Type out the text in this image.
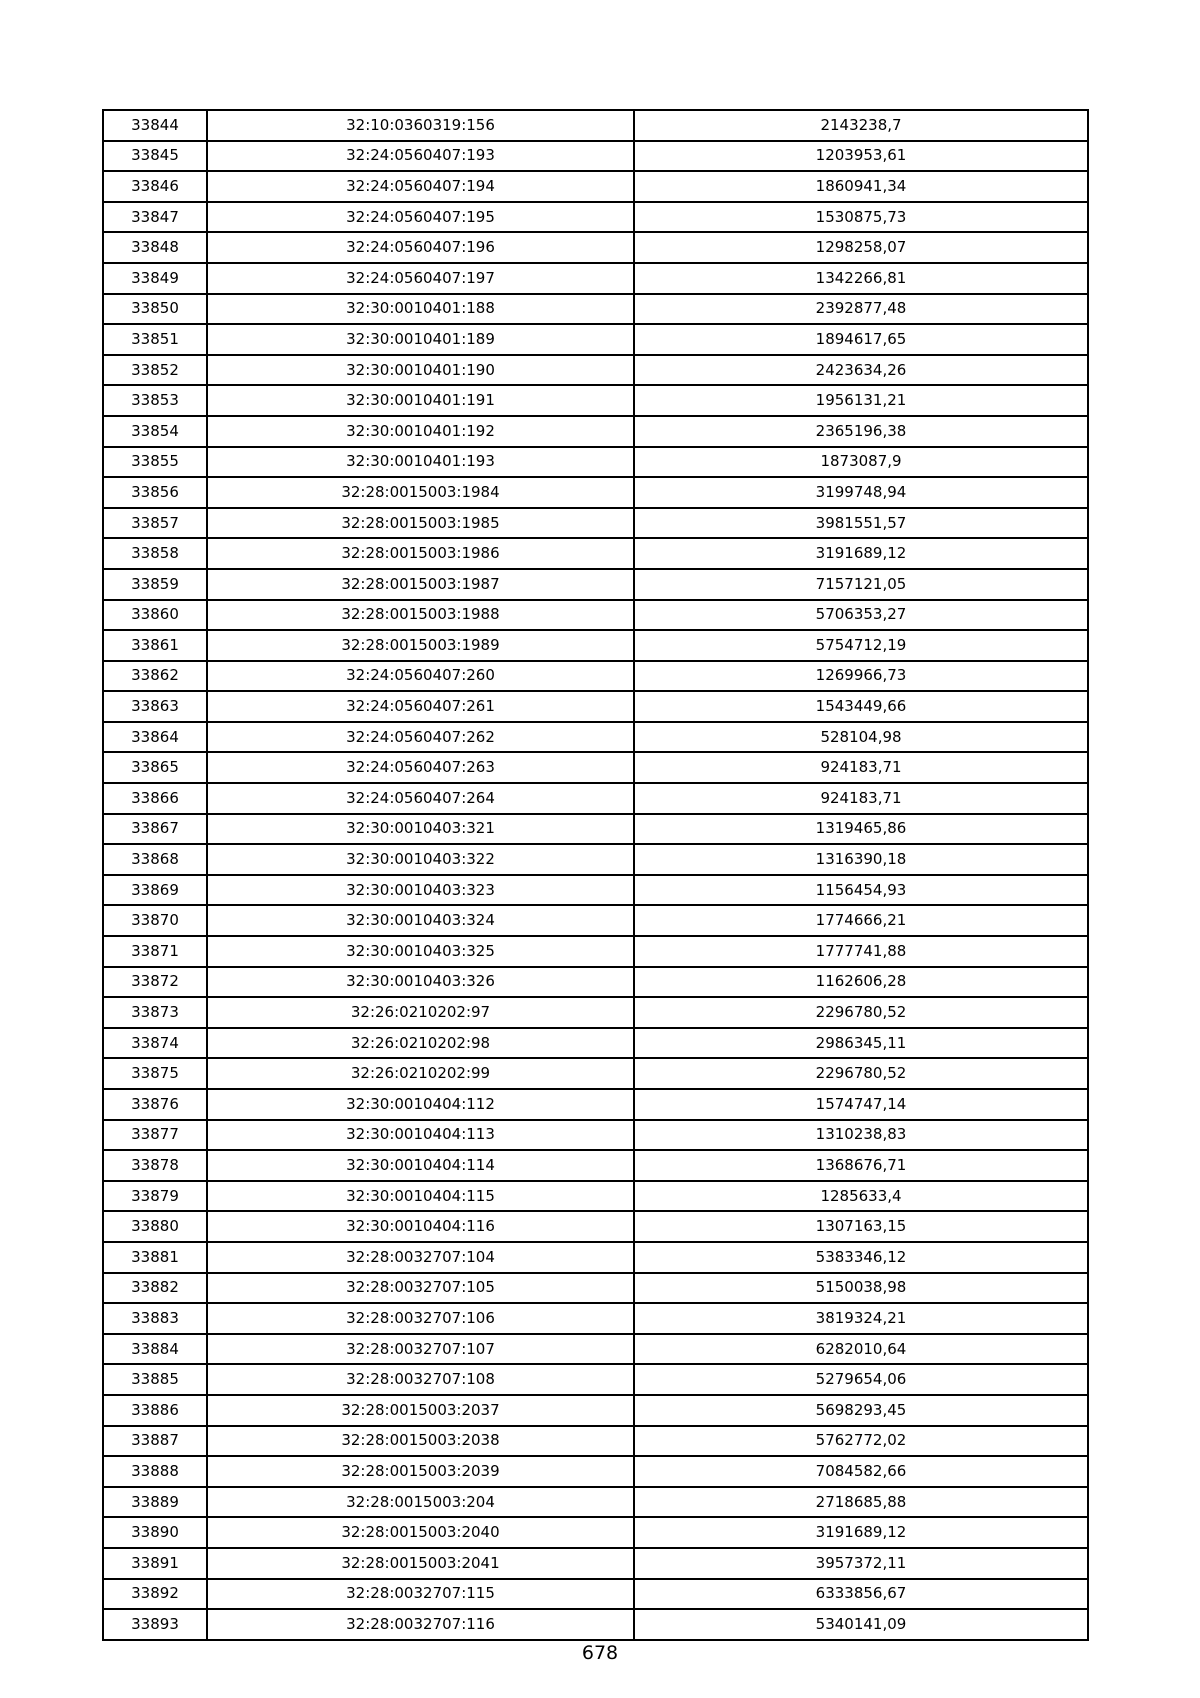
33844	32:10:0360319:156	2143238,7
33845	32:24:0560407:193	1203953,61
33846	32:24:0560407:194	1860941,34
33847	32:24:0560407:195	1530875,73
33848	32:24:0560407:196	1298258,07
33849	32:24:0560407:197	1342266,81
33850	32:30:0010401:188	2392877,48
33851	32:30:0010401:189	1894617,65
33852	32:30:0010401:190	2423634,26
33853	32:30:0010401:191	1956131,21
33854	32:30:0010401:192	2365196,38
33855	32:30:0010401:193	1873087,9
33856	32:28:0015003:1984	3199748,94
33857	32:28:0015003:1985	3981551,57
33858	32:28:0015003:1986	3191689,12
33859	32:28:0015003:1987	7157121,05
33860	32:28:0015003:1988	5706353,27
33861	32:28:0015003:1989	5754712,19
33862	32:24:0560407:260	1269966,73
33863	32:24:0560407:261	1543449,66
33864	32:24:0560407:262	528104,98
33865	32:24:0560407:263	924183,71
33866	32:24:0560407:264	924183,71
33867	32:30:0010403:321	1319465,86
33868	32:30:0010403:322	1316390,18
33869	32:30:0010403:323	1156454,93
33870	32:30:0010403:324	1774666,21
33871	32:30:0010403:325	1777741,88
33872	32:30:0010403:326	1162606,28
33873	32:26:0210202:97	2296780,52
33874	32:26:0210202:98	2986345,11
33875	32:26:0210202:99	2296780,52
33876	32:30:0010404:112	1574747,14
33877	32:30:0010404:113	1310238,83
33878	32:30:0010404:114	1368676,71
33879	32:30:0010404:115	1285633,4
33880	32:30:0010404:116	1307163,15
33881	32:28:0032707:104	5383346,12
33882	32:28:0032707:105	5150038,98
33883	32:28:0032707:106	3819324,21
33884	32:28:0032707:107	6282010,64
33885	32:28:0032707:108	5279654,06
33886	32:28:0015003:2037	5698293,45
33887	32:28:0015003:2038	5762772,02
33888	32:28:0015003:2039	7084582,66
33889	32:28:0015003:204	2718685,88
33890	32:28:0015003:2040	3191689,12
33891	32:28:0015003:2041	3957372,11
33892	32:28:0032707:115	6333856,67
33893	32:28:0032707:116	5340141,09
678
